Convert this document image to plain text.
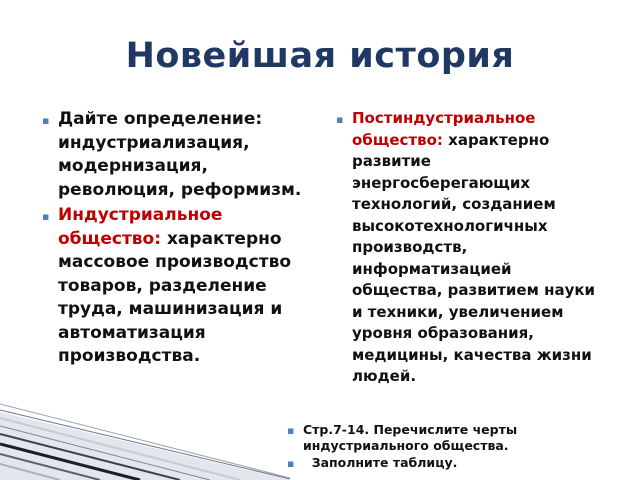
Новейшая история
▪ Дайте определение: индустриализация, модернизация, революция, реформизм.
▪ Индустриальное общество: характерно массовое производство товаров, разделение труда, машинизация и автоматизация производства.
▪ Постиндустриальное общество: характерно развитие энергосберегающих технологий, созданием высокотехнологичных производств, информатизацией общества, развитием науки и техники, увеличением уровня образования, медицины, качества жизни людей.
▪ Стр.7-14. Перечислите черты индустриального общества.
▪ Заполните таблицу.
